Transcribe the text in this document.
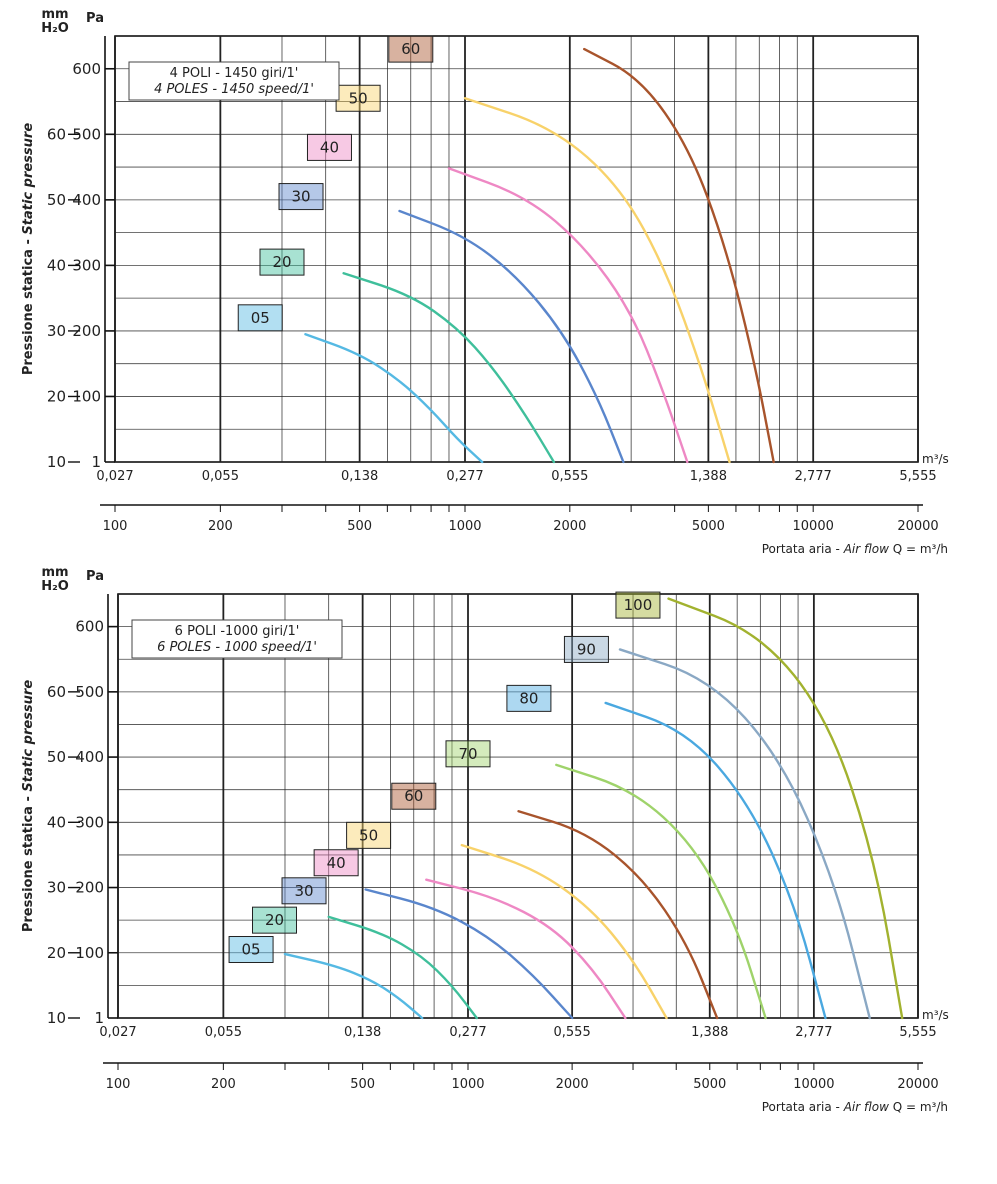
05
20
30
40
50
60
4 POLI - 1450 giri/1'
4 POLES - 1450 speed/1'
mm
H₂O
Pa
Pressione statica - Static pressure
m³/s
Portata aria - Air flow Q = m³/h
1
100
200
300
400
500
600
10
20
30
40
50
60
0,027	0,055	0,138	0,277	0,555	1,388	2,777	5,555
100	200	500	1000	2000	5000	10000	20000
05
20
30
40
50
60
70
80
90
100
6 POLI -1000 giri/1'
6 POLES - 1000 speed/1'
mm
H₂O
Pa
Pressione statica - Static pressure
m³/s
Portata aria - Air flow Q = m³/h
1
100
200
300
400
500
600
10
20
30
40
50
60
0,027	0,055	0,138	0,277	0,555	1,388	2,777	5,555
100	200	500	1000	2000	5000	10000	20000
